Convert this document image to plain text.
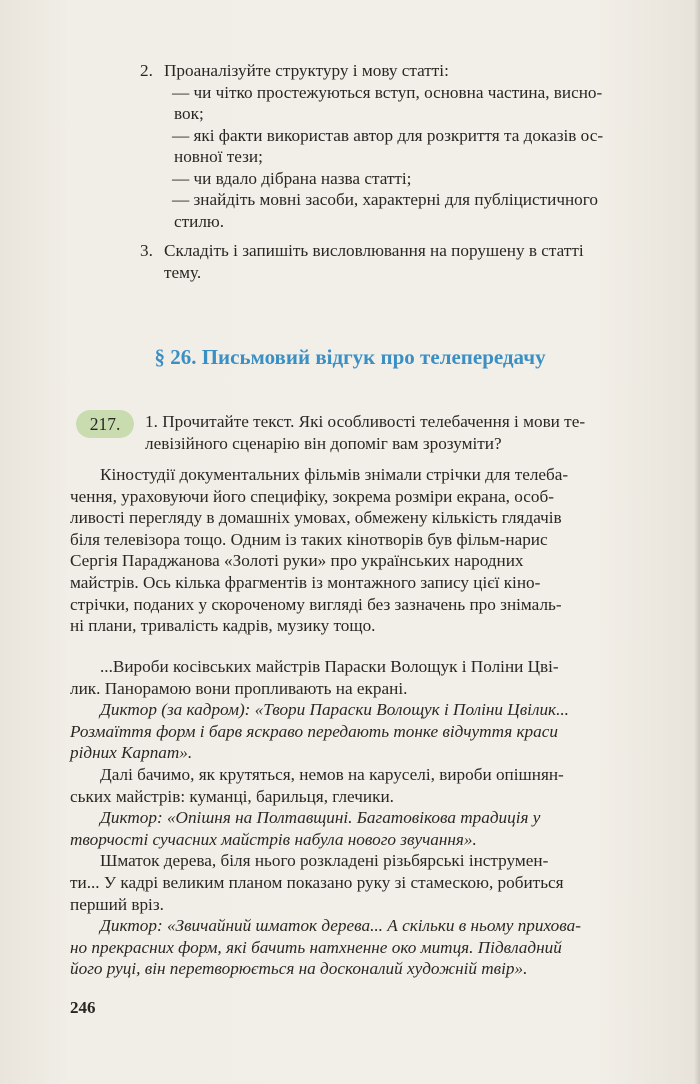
2. Проаналізуйте структуру і мову статті:
— чи чітко простежуються вступ, основна частина, висно-
вок;
— які факти використав автор для розкриття та доказів ос-
новної тези;
— чи вдало дібрана назва статті;
— знайдіть мовні засоби, характерні для публіцистичного
стилю.
3. Складіть і запишіть висловлювання на порушену в статті
тему.
§ 26. Письмовий відгук про телепередачу
217.	1. Прочитайте текст. Які особливості телебачення і мови те-
левізійного сценарію він допоміг вам зрозуміти?
Кіностудії документальних фільмів знімали стрічки для телеба-
чення, ураховуючи його специфіку, зокрема розміри екрана, особ-
ливості перегляду в домашніх умовах, обмежену кількість глядачів
біля телевізора тощо. Одним із таких кінотворів був фільм-нарис
Сергія Параджанова «Золоті руки» про українських народних
майстрів. Ось кілька фрагментів із монтажного запису цієї кіно-
стрічки, поданих у скороченому вигляді без зазначень про знімаль-
ні плани, тривалість кадрів, музику тощо.
...Вироби косівських майстрів Параски Волощук і Поліни Цві-
лик. Панорамою вони пропливають на екрані.
Диктор (за кадром): «Твори Параски Волощук і Поліни Цвілик...
Розмаїття форм і барв яскраво передають тонке відчуття краси
рідних Карпат».
Далі бачимо, як крутяться, немов на каруселі, вироби опішнян-
ських майстрів: куманці, барильця, глечики.
Диктор: «Опішня на Полтавщині. Багатовікова традиція у
творчості сучасних майстрів набула нового звучання».
Шматок дерева, біля нього розкладені різьбярські інструмен-
ти... У кадрі великим планом показано руку зі стамескою, робиться
перший вріз.
Диктор: «Звичайний шматок дерева... А скільки в ньому прихова-
но прекрасних форм, які бачить натхненне око митця. Підвладний
його руці, він перетворюється на досконалий художній твір».
246
